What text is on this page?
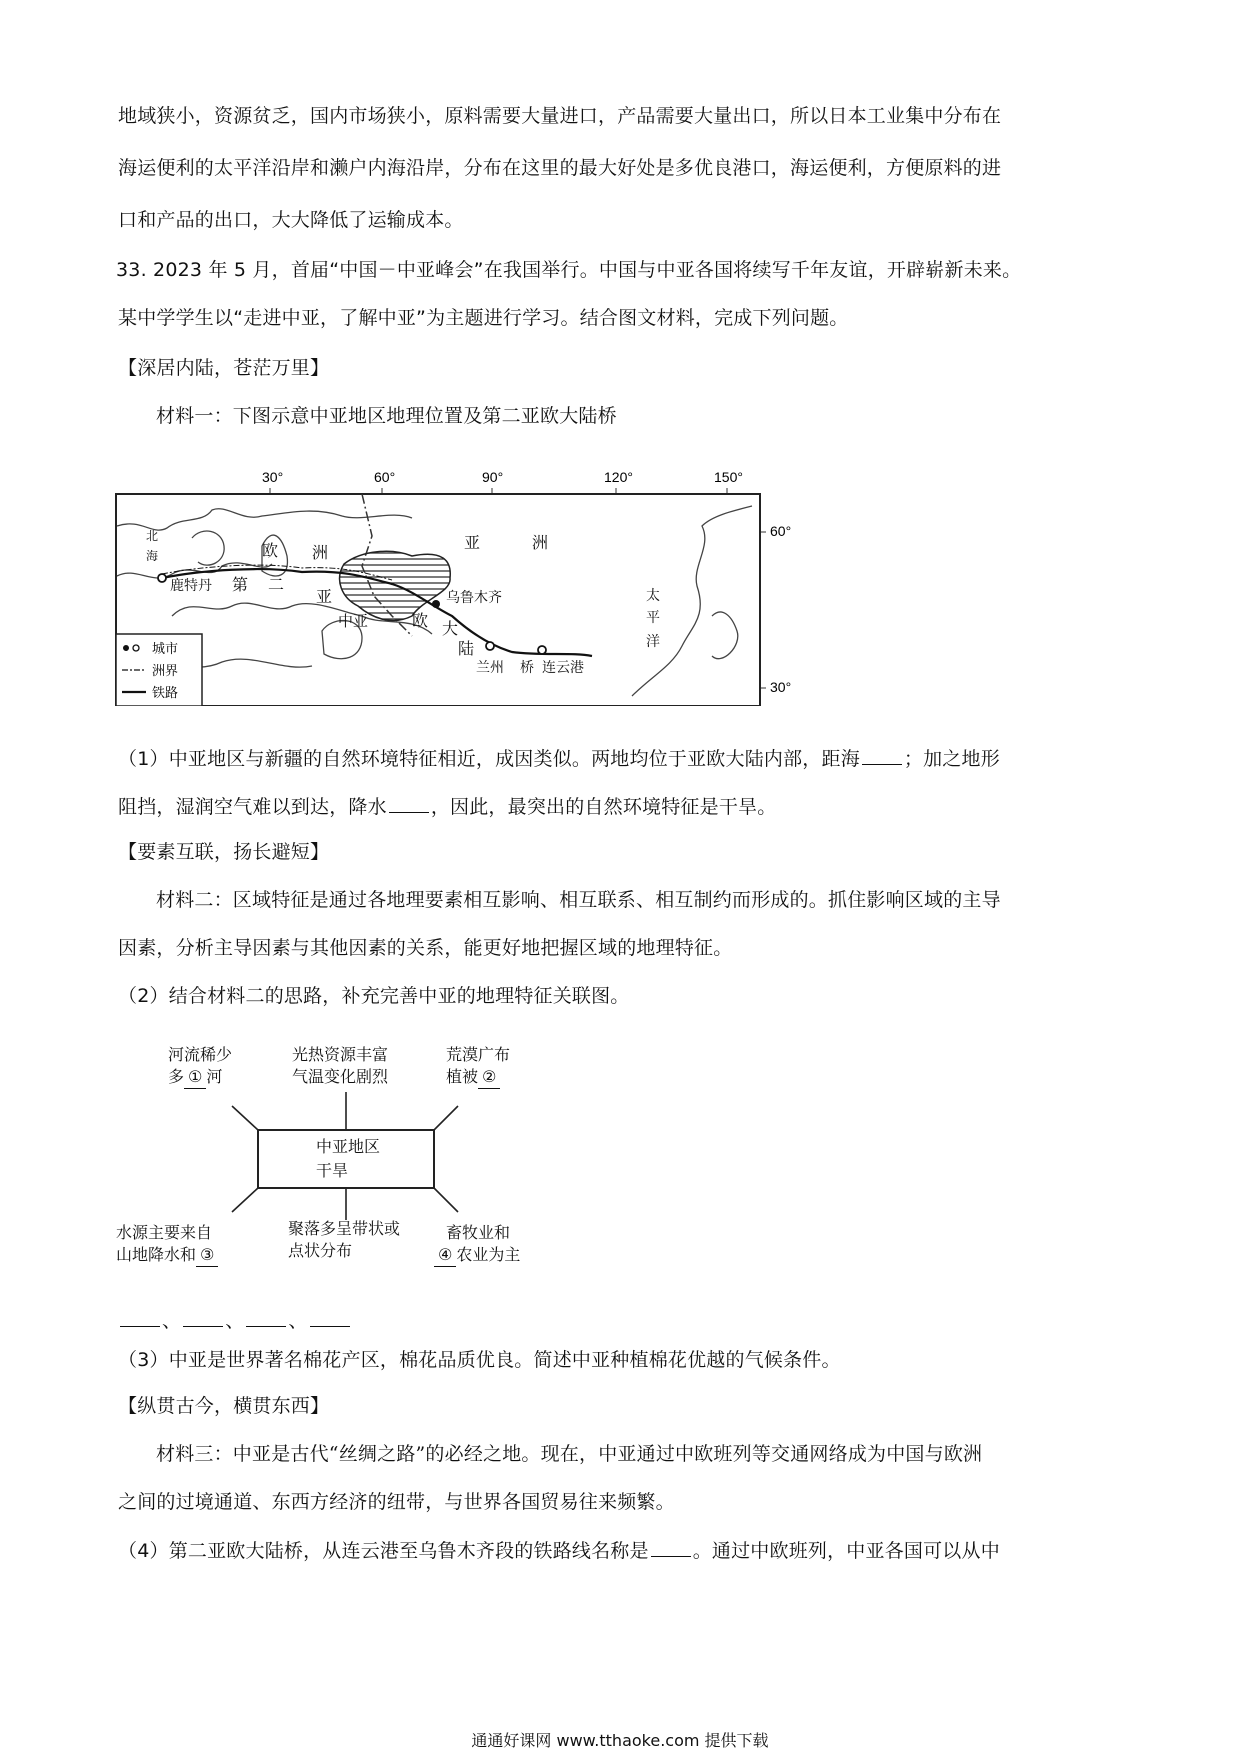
地域狭小，资源贫乏，国内市场狭小，原料需要大量进口，产品需要大量出口，所以日本工业集中分布在
海运便利的太平洋沿岸和濑户内海沿岸，分布在这里的最大好处是多优良港口，海运便利，方便原料的进
口和产品的出口，大大降低了运输成本。
33. 2023 年 5 月，首届“中国－中亚峰会”在我国举行。中国与中亚各国将续写千年友谊，开辟崭新未来。
某中学学生以“走进中亚，了解中亚”为主题进行学习。结合图文材料，完成下列问题。
【深居内陆，苍茫万里】
材料一：下图示意中亚地区地理位置及第二亚欧大陆桥
30°	60°	90°	120°	150°
60°
30°
北
海	欧 洲
亚	洲
鹿特丹 第 二
亚
中亚	欧
乌鲁木齐
大
陆
兰州 桥 连云港
太
平
洋
城市
洲界
铁路
（1）中亚地区与新疆的自然环境特征相近，成因类似。两地均位于亚欧大陆内部，距海 ；加之地形
阻挡，湿润空气难以到达，降水 ，因此，最突出的自然环境特征是干旱。
【要素互联，扬长避短】
材料二：区域特征是通过各地理要素相互影响、相互联系、相互制约而形成的。抓住影响区域的主导
因素，分析主导因素与其他因素的关系，能更好地把握区域的地理特征。
（2）结合材料二的思路，补充完善中亚的地理特征关联图。
中亚地区
干旱
河流稀少
多 ① 河
光热资源丰富
气温变化剧烈
荒漠广布
植被 ②
水源主要来自
山地降水和 ③
聚落多呈带状或
点状分布
畜牧业和
④ 农业为主
、 、 、
（3）中亚是世界著名棉花产区，棉花品质优良。简述中亚种植棉花优越的气候条件。
【纵贯古今，横贯东西】
材料三：中亚是古代“丝绸之路”的必经之地。现在，中亚通过中欧班列等交通网络成为中国与欧洲
之间的过境通道、东西方经济的纽带，与世界各国贸易往来频繁。
（4）第二亚欧大陆桥，从连云港至乌鲁木齐段的铁路线名称是 。通过中欧班列，中亚各国可以从中
通通好课网 www.tthaoke.com 提供下载
